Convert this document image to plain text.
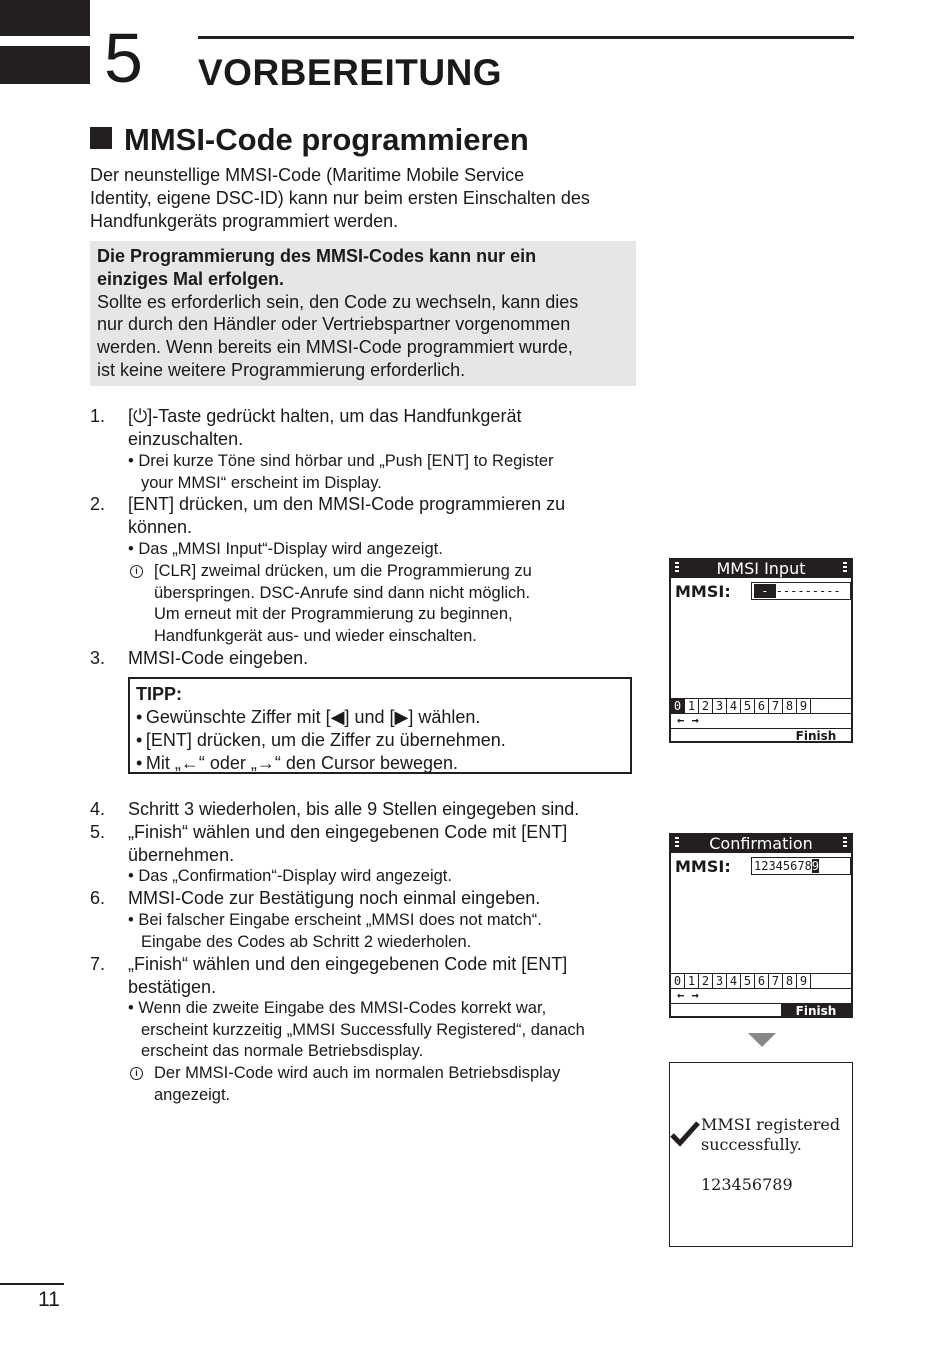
5 VORBEREITUNG
MMSI-Code programmieren
Der neunstellige MMSI-Code (Maritime Mobile Service
Identity, eigene DSC-ID) kann nur beim ersten Einschalten des
Handfunkgeräts programmiert werden.
Die Programmierung des MMSI-Codes kann nur ein
einziges Mal erfolgen.
Sollte es erforderlich sein, den Code zu wechseln, kann dies
nur durch den Händler oder Vertriebspartner vorgenommen
werden. Wenn bereits ein MMSI-Code programmiert wurde,
ist keine weitere Programmierung erforderlich.
1. [⏻]-Taste gedrückt halten, um das Handfunkgerät
einzuschalten.
• Drei kurze Töne sind hörbar und „Push [ENT] to Register
your MMSI“ erscheint im Display.
2. [ENT] drücken, um den MMSI-Code programmieren zu
können.
• Das „MMSI Input“-Display wird angezeigt.
i [CLR] zweimal drücken, um die Programmierung zu
überspringen. DSC-Anrufe sind dann nicht möglich.
Um erneut mit der Programmierung zu beginnen,
Handfunkgerät aus- und wieder einschalten.
3. MMSI-Code eingeben.
TIPP:
• Gewünschte Ziffer mit [◀] und [▶] wählen.
• [ENT] drücken, um die Ziffer zu übernehmen.
• Mit „←“ oder „→“ den Cursor bewegen.
4. Schritt 3 wiederholen, bis alle 9 Stellen eingegeben sind.
5. „Finish“ wählen und den eingegebenen Code mit [ENT]
übernehmen.
• Das „Confirmation“-Display wird angezeigt.
6. MMSI-Code zur Bestätigung noch einmal eingeben.
• Bei falscher Eingabe erscheint „MMSI does not match“.
Eingabe des Codes ab Schritt 2 wiederholen.
7. „Finish“ wählen und den eingegebenen Code mit [ENT]
bestätigen.
• Wenn die zweite Eingabe des MMSI-Codes korrekt war,
erscheint kurzzeitig „MMSI Successfully Registered“, danach
erscheint das normale Betriebsdisplay.
i Der MMSI-Code wird auch im normalen Betriebsdisplay
angezeigt.
MMSI Input
MMSI:  - ---------
0 1 2 3 4 5 6 7 8 9
← →
Finish
Confirmation
MMSI: 123456789
0 1 2 3 4 5 6 7 8 9
← →
Finish
MMSI registered
successfully.
123456789
11
